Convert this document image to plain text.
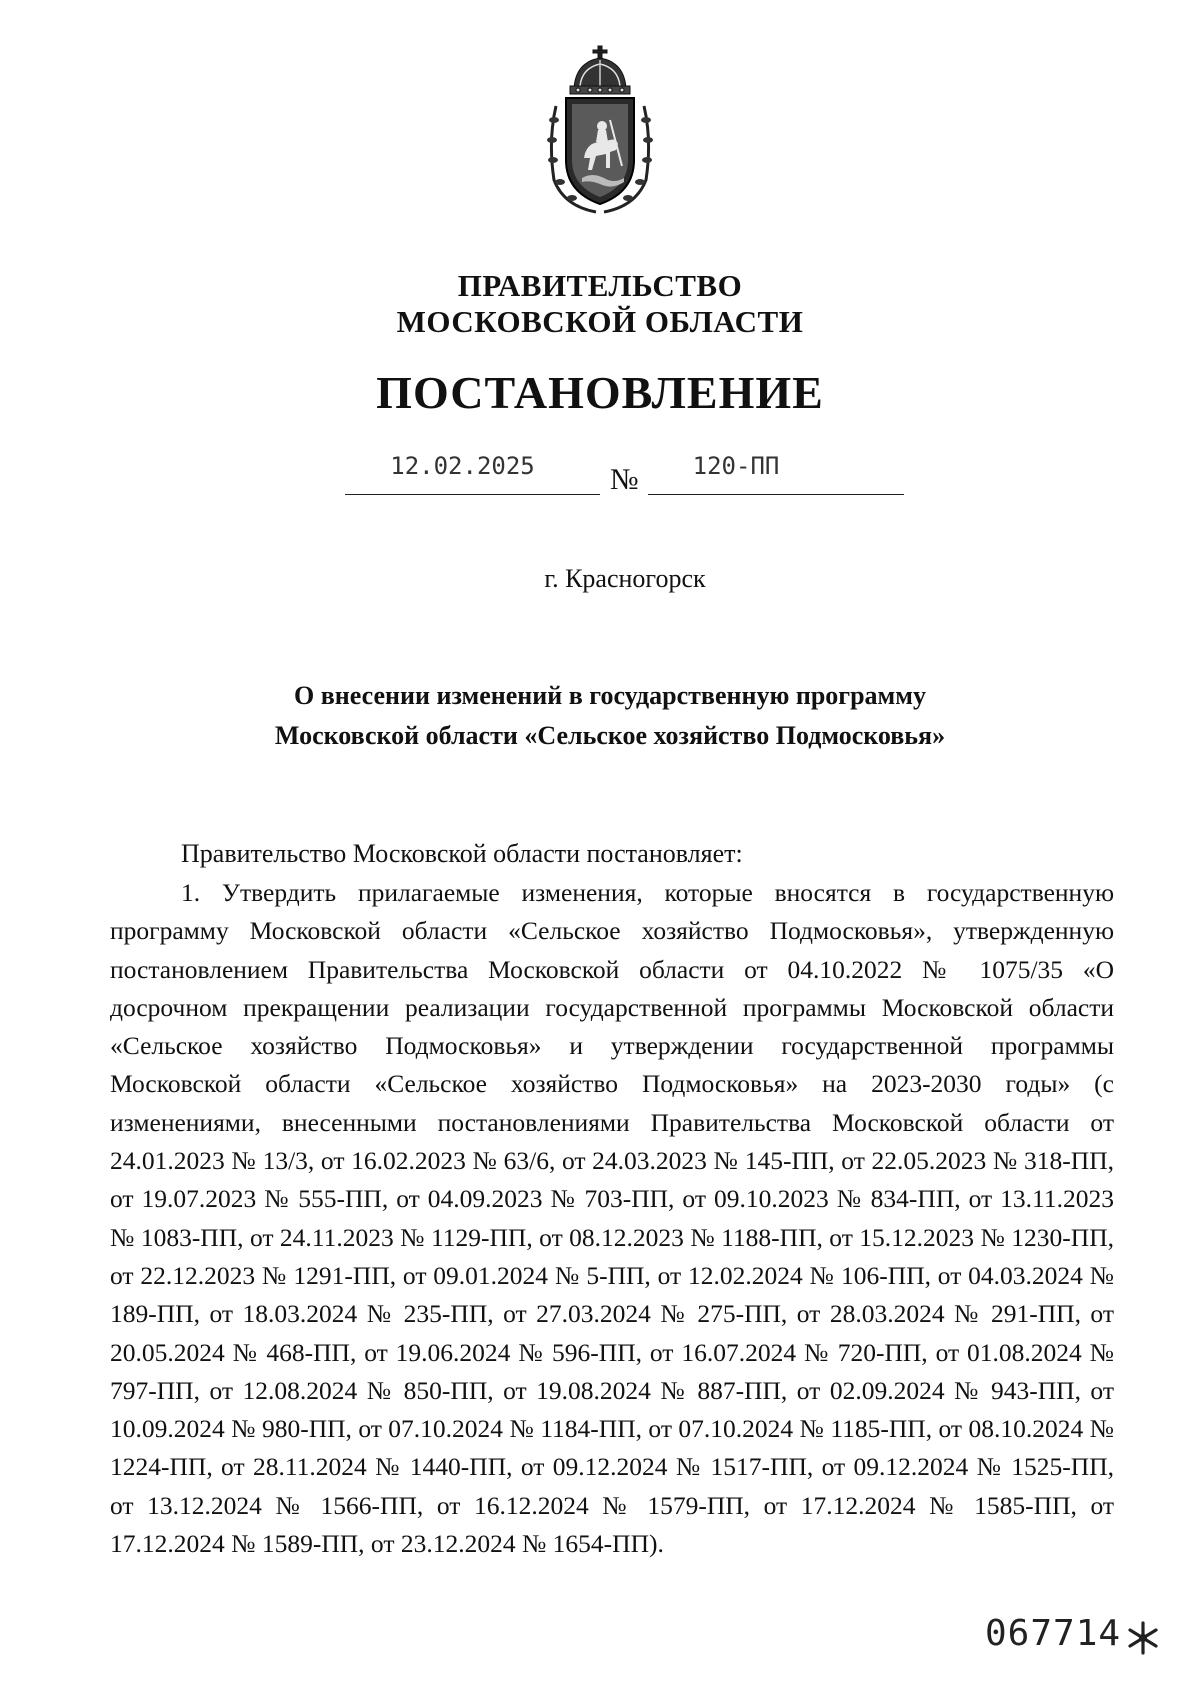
ПРАВИТЕЛЬСТВО
МОСКОВСКОЙ ОБЛАСТИ
ПОСТАНОВЛЕНИЕ
12.02.2025	№	120-ПП
г. Красногорск
О внесении изменений в государственную программу
Московской области «Сельское хозяйство Подмосковья»
Правительство Московской области постановляет:

1. Утвердить прилагаемые изменения, которые вносятся в государственную программу Московской области «Сельское хозяйство Подмосковья», утвержденную постановлением Правительства Московской области от 04.10.2022 № 1075/35 «О досрочном прекращении реализации государственной программы Московской области «Сельское хозяйство Подмосковья» и утверждении государственной программы Московской области «Сельское хозяйство Подмосковья» на 2023-2030 годы» (с изменениями, внесенными постановлениями Правительства Московской области от 24.01.2023 № 13/3, от 16.02.2023 № 63/6, от 24.03.2023 № 145-ПП, от 22.05.2023 № 318-ПП, от 19.07.2023 № 555-ПП, от 04.09.2023 № 703-ПП, от 09.10.2023 № 834-ПП, от 13.11.2023 № 1083-ПП, от 24.11.2023 № 1129-ПП, от 08.12.2023 № 1188-ПП, от 15.12.2023 № 1230-ПП, от 22.12.2023 № 1291-ПП, от 09.01.2024 № 5-ПП, от 12.02.2024 № 106-ПП, от 04.03.2024 № 189-ПП, от 18.03.2024 № 235-ПП, от 27.03.2024 № 275-ПП, от 28.03.2024 № 291-ПП, от 20.05.2024 № 468-ПП, от 19.06.2024 № 596-ПП, от 16.07.2024 № 720-ПП, от 01.08.2024 № 797-ПП, от 12.08.2024 № 850-ПП, от 19.08.2024 № 887-ПП, от 02.09.2024 № 943-ПП, от 10.09.2024 № 980-ПП, от 07.10.2024 № 1184-ПП, от 07.10.2024 № 1185-ПП, от 08.10.2024 № 1224-ПП, от 28.11.2024 № 1440-ПП, от 09.12.2024 № 1517-ПП, от 09.12.2024 № 1525-ПП, от 13.12.2024 № 1566-ПП, от 16.12.2024 № 1579-ПП, от 17.12.2024 № 1585-ПП, от 17.12.2024 № 1589-ПП, от 23.12.2024 № 1654-ПП).

067714
